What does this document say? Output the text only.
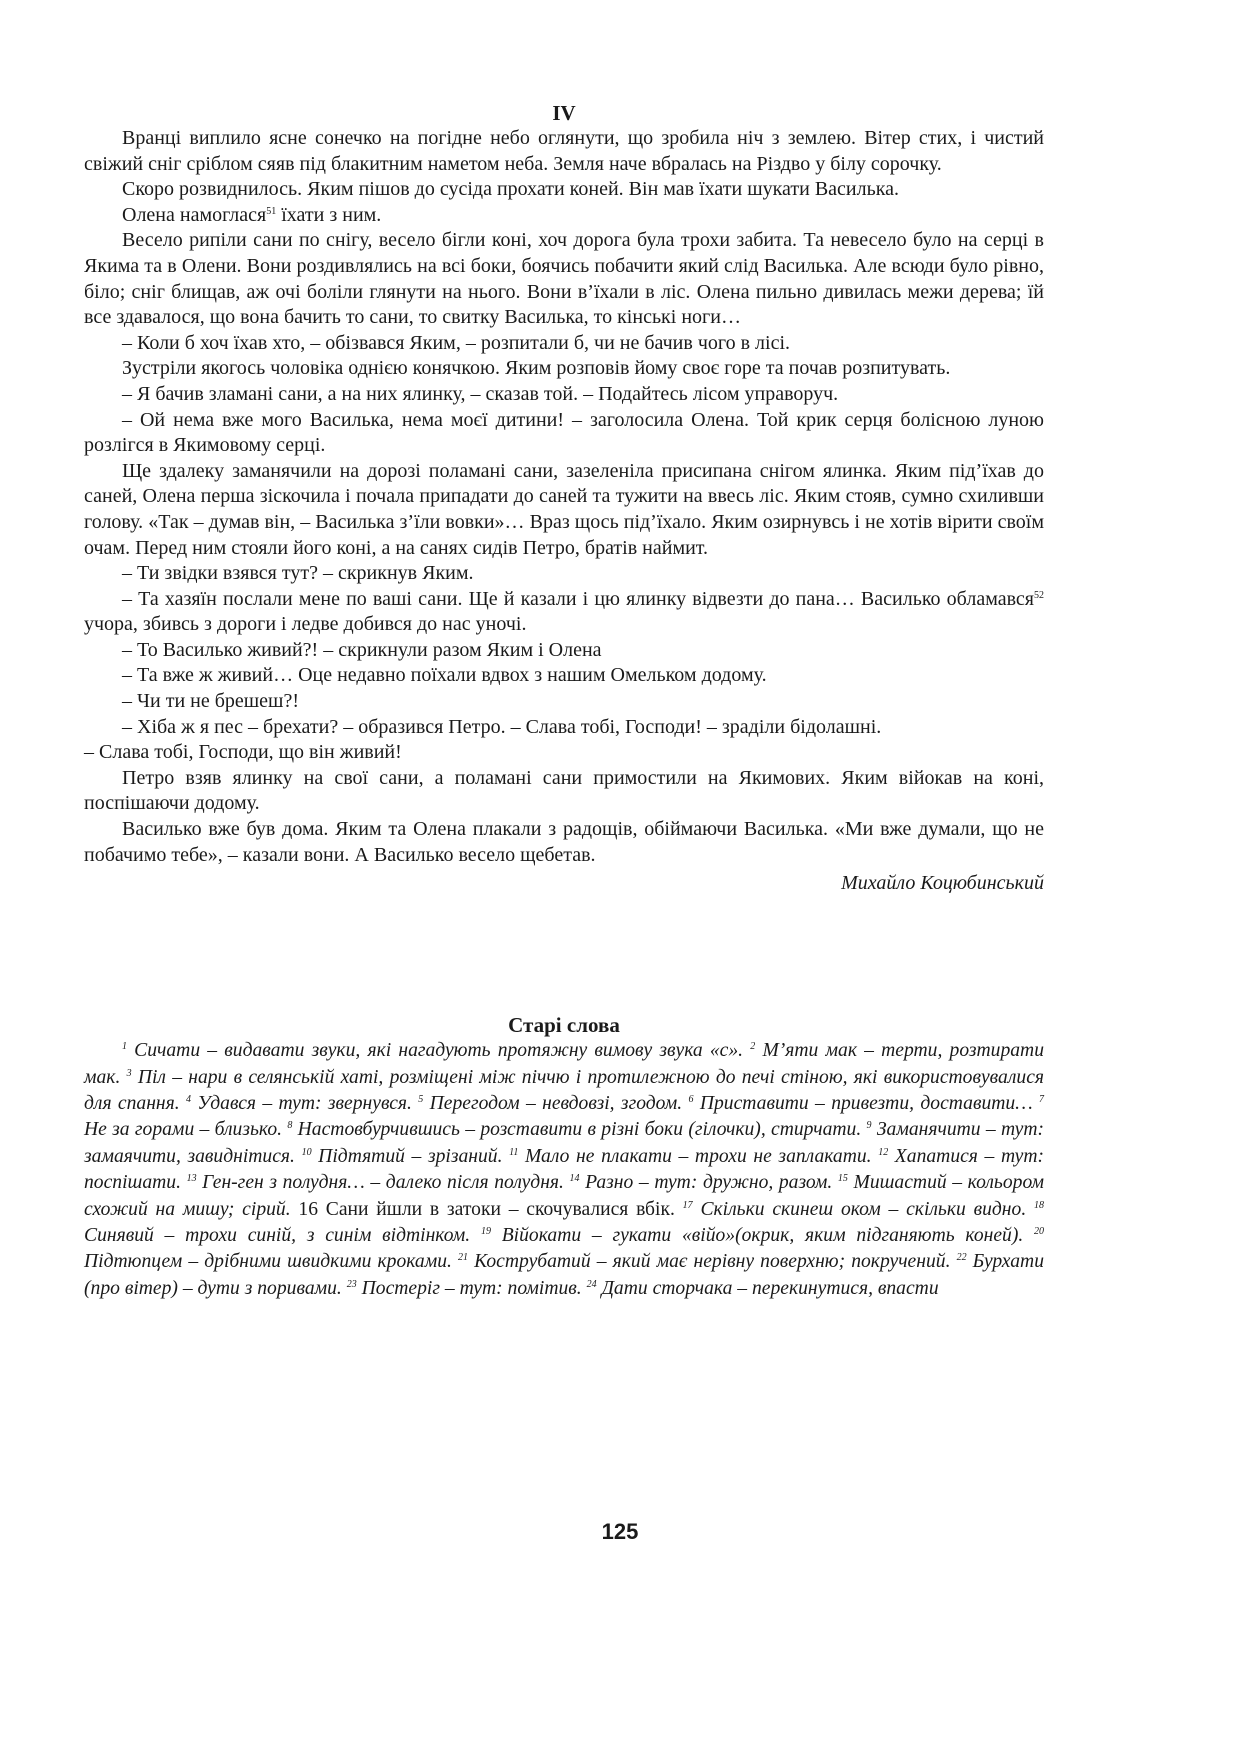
IV

Вранці виплило ясне сонечко на погідне небо оглянути, що зробила ніч з землею. Вітер стих, і чистий свіжий сніг сріблом сяяв під блакитним наметом неба. Земля наче вбралась на Різдво у білу сорочку.

Скоро розвиднилось. Яким пішов до сусіда прохати коней. Він мав їхати шукати Василька.

Олена намоглася$^{51}$ їхати з ним.

Весело рипіли сани по снігу, весело бігли коні, хоч дорога була трохи забита. Та невесело було на серці в Якима та в Олени. Вони роздивлялись на всі боки, боячись побачити який слід Василька. Але всюди було рівно, біло; сніг блищав, аж очі боліли глянути на нього. Вони в’їхали в ліс. Олена пильно дивилась межи дерева; їй все здавалося, що вона бачить то сани, то свитку Василька, то кінські ноги…

– Коли б хоч їхав хто, – обізвався Яким, – розпитали б, чи не бачив чого в лісі.

Зустріли якогось чоловіка однією конячкою. Яким розповів йому своє горе та почав розпитувать.

– Я бачив зламані сани, а на них ялинку, – сказав той. – Подайтесь лісом управоруч.

– Ой нема вже мого Василька, нема моєї дитини! – заголосила Олена. Той крик серця болісною луною розлігся в Якимовому серці.

Ще здалеку заманячили на дорозі поламані сани, зазеленіла присипана снігом ялинка. Яким під’їхав до саней, Олена перша зіскочила і почала припадати до саней та тужити на ввесь ліс. Яким стояв, сумно схиливши голову. «Так – думав він, – Василька з’їли вовки»… Враз щось під’їхало. Яким озирнувсь і не хотів вірити своїм очам. Перед ним стояли його коні, а на санях сидів Петро, братів наймит.

– Ти звідки взявся тут? – скрикнув Яким.

– Та хазяїн послали мене по ваші сани. Ще й казали і цю ялинку відвезти до пана… Василько обламався$^{52}$ учора, збивсь з дороги і ледве добився до нас уночі.

– То Василько живий?! – скрикнули разом Яким і Олена

– Та вже ж живий… Оце недавно поїхали вдвох з нашим Омельком додому.

– Чи ти не брешеш?!

– Хіба ж я пес – брехати? – образився Петро. – Слава тобі, Господи! – зраділи бідолашні.

– Слава тобі, Господи, що він живий!

Петро взяв ялинку на свої сани, а поламані сани примостили на Якимових. Яким війокав на коні, поспішаючи додому.

Василько вже був дома. Яким та Олена плакали з радощів, обіймаючи Василька. «Ми вже думали, що не побачимо тебе», – казали вони. А Василько весело щебетав.

Михайло Коцюбинський

Старі слова

$^1$ Сичати – видавати звуки, які нагадують протяжну вимову звука «с». $^2$ М’яти мак – терти, розтирати мак. $^3$ Піл – нари в селянській хаті, розміщені між піччю і протилежною до печі стіною, які використовувалися для спання. $^4$ Удався – тут: звернувся. $^5$ Перегодом – невдовзі, згодом. $^6$ Приставити – привезти, доставити… $^7$ Не за горами – близько. $^8$ Настовбурчившись – розставити в різні боки (гілочки), стирчати. $^9$ Заманячити – тут: замаячити, завиднітися. $^{10}$ Підтятий – зрізаний. $^{11}$ Мало не плакати – трохи не заплакати. $^{12}$ Хапатися – тут: поспішати. $^{13}$ Ген-ген з полудня… – далеко після полудня. $^{14}$ Разно – тут: дружно, разом. $^{15}$ Мишастий – кольором схожий на мишу; сірий. 16 Сани йшли в затоки – скочувалися вбік. $^{17}$ Скільки скинеш оком – скільки видно. $^{18}$ Синявий – трохи синій, з синім відтінком. $^{19}$ Війокати – гукати «війо»(окрик, яким підганяють коней). $^{20}$ Підтюпцем – дрібними швидкими кроками. $^{21}$ Кострубатий – який має нерівну поверхню; покручений. $^{22}$ Бурхати (про вітер) – дути з поривами. $^{23}$ Постеріг – тут: помітив. $^{24}$ Дати сторчака – перекинутися, впасти

125
